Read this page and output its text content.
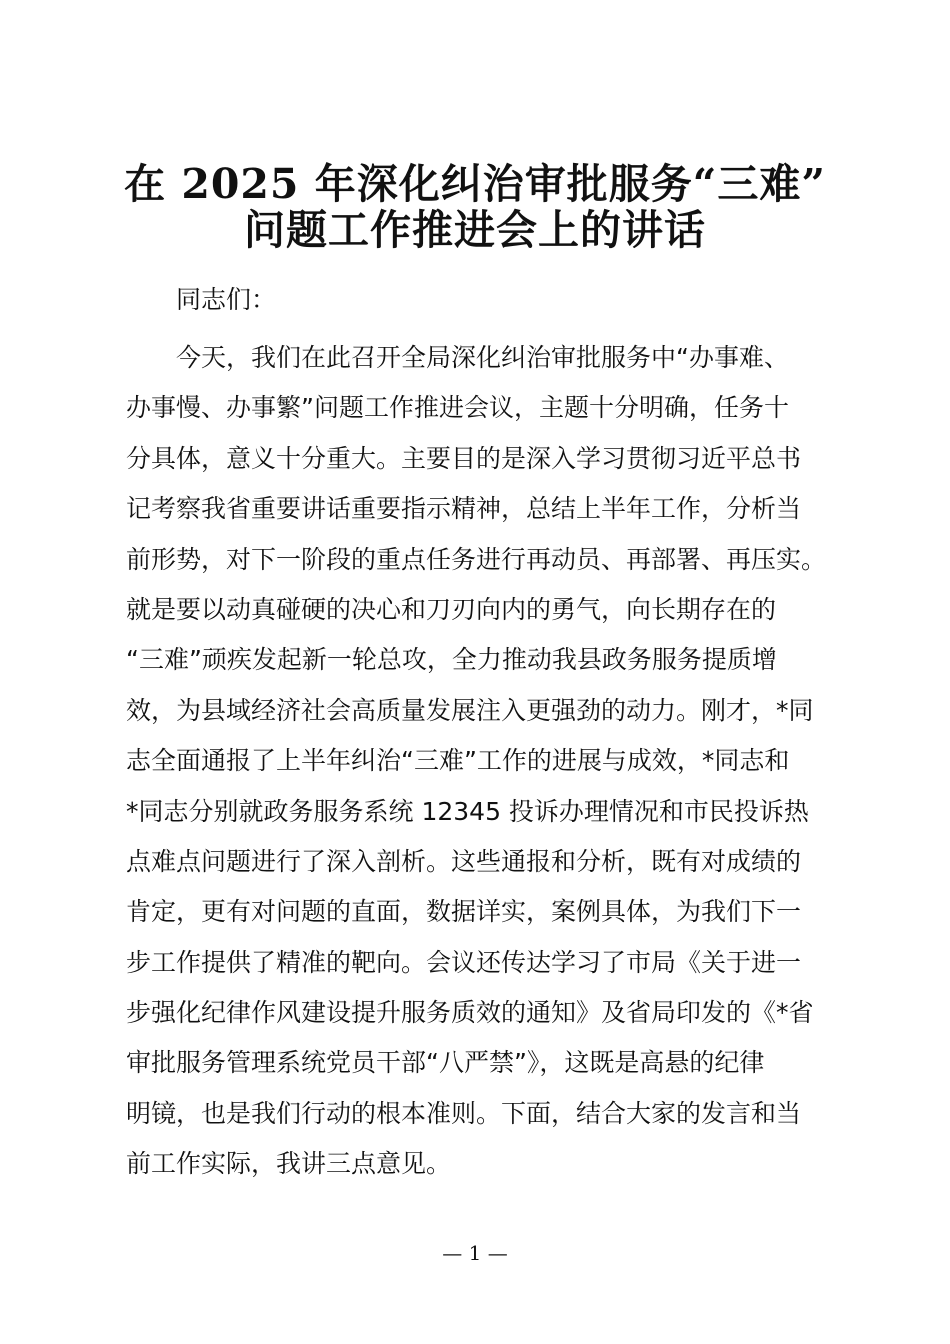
在 2025 年深化纠治审批服务“三难”
问题工作推进会上的讲话
同志们：
今天，我们在此召开全局深化纠治审批服务中“办事难、
办事慢、办事繁”问题工作推进会议，主题十分明确，任务十
分具体，意义十分重大。主要目的是深入学习贯彻习近平总书
记考察我省重要讲话重要指示精神，总结上半年工作，分析当
前形势，对下一阶段的重点任务进行再动员、再部署、再压实。
就是要以动真碰硬的决心和刀刃向内的勇气，向长期存在的
“三难”顽疾发起新一轮总攻，全力推动我县政务服务提质增
效，为县域经济社会高质量发展注入更强劲的动力。刚才，*同
志全面通报了上半年纠治“三难”工作的进展与成效，*同志和
*同志分别就政务服务系统 12345 投诉办理情况和市民投诉热
点难点问题进行了深入剖析。这些通报和分析，既有对成绩的
肯定，更有对问题的直面，数据详实，案例具体，为我们下一
步工作提供了精准的靶向。会议还传达学习了市局《关于进一
步强化纪律作风建设提升服务质效的通知》及省局印发的《*省
审批服务管理系统党员干部“八严禁”》，这既是高悬的纪律
明镜，也是我们行动的根本准则。下面，结合大家的发言和当
前工作实际，我讲三点意见。
— 1 —
